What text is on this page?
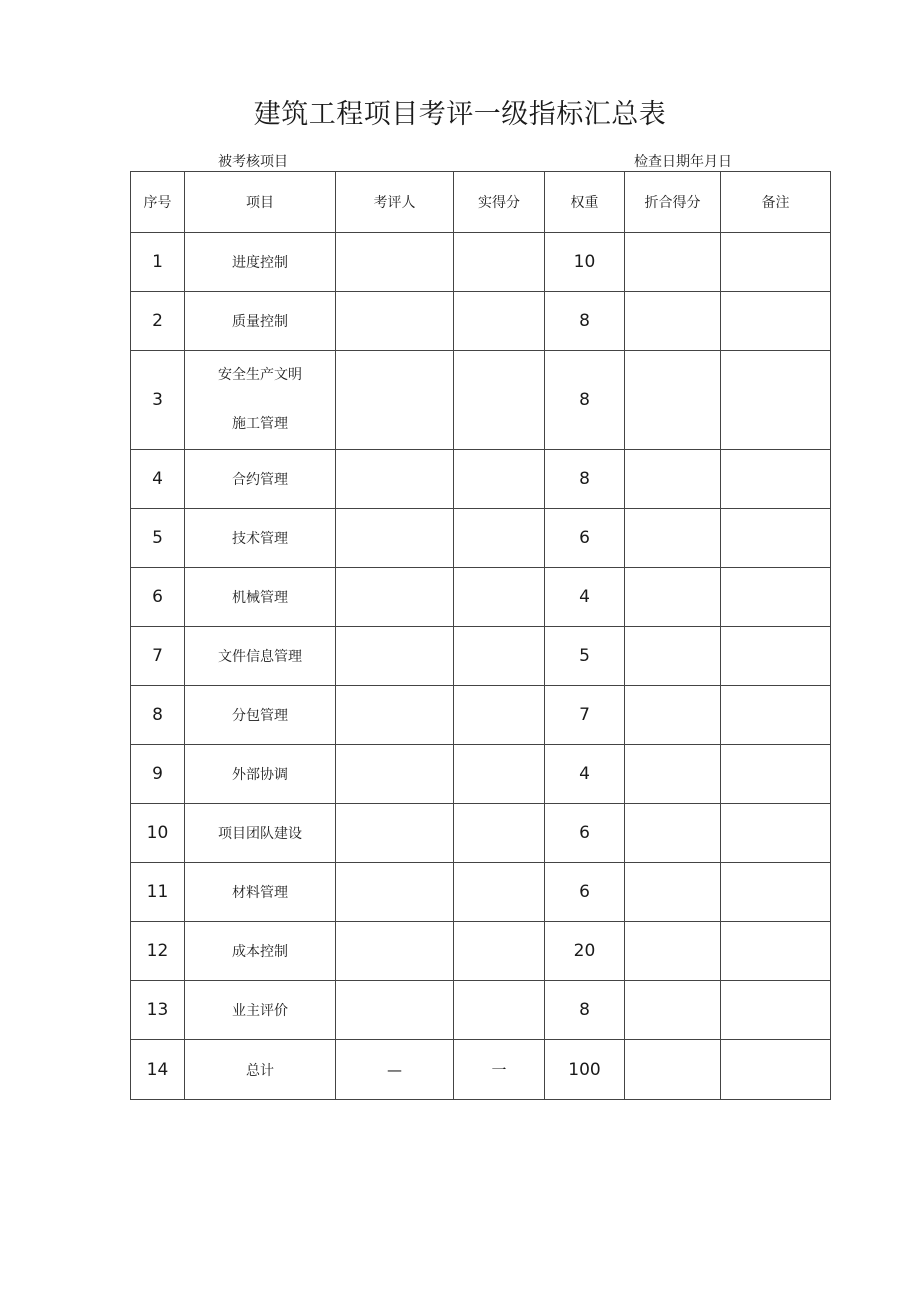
建筑工程项目考评一级指标汇总表
被考核项目	检查日期年月日
序号	项目	考评人	实得分	权重	折合得分	备注
1	进度控制			10		
2	质量控制			8		
3	安全生产文明
施工管理			8		
4	合约管理			8		
5	技术管理			6		
6	机械管理			4		
7	文件信息管理			5		
8	分包管理			7		
9	外部协调			4		
10	项目团队建设			6		
11	材料管理			6		
12	成本控制			20		
13	业主评价			8		
14	总计	—	一	100		
